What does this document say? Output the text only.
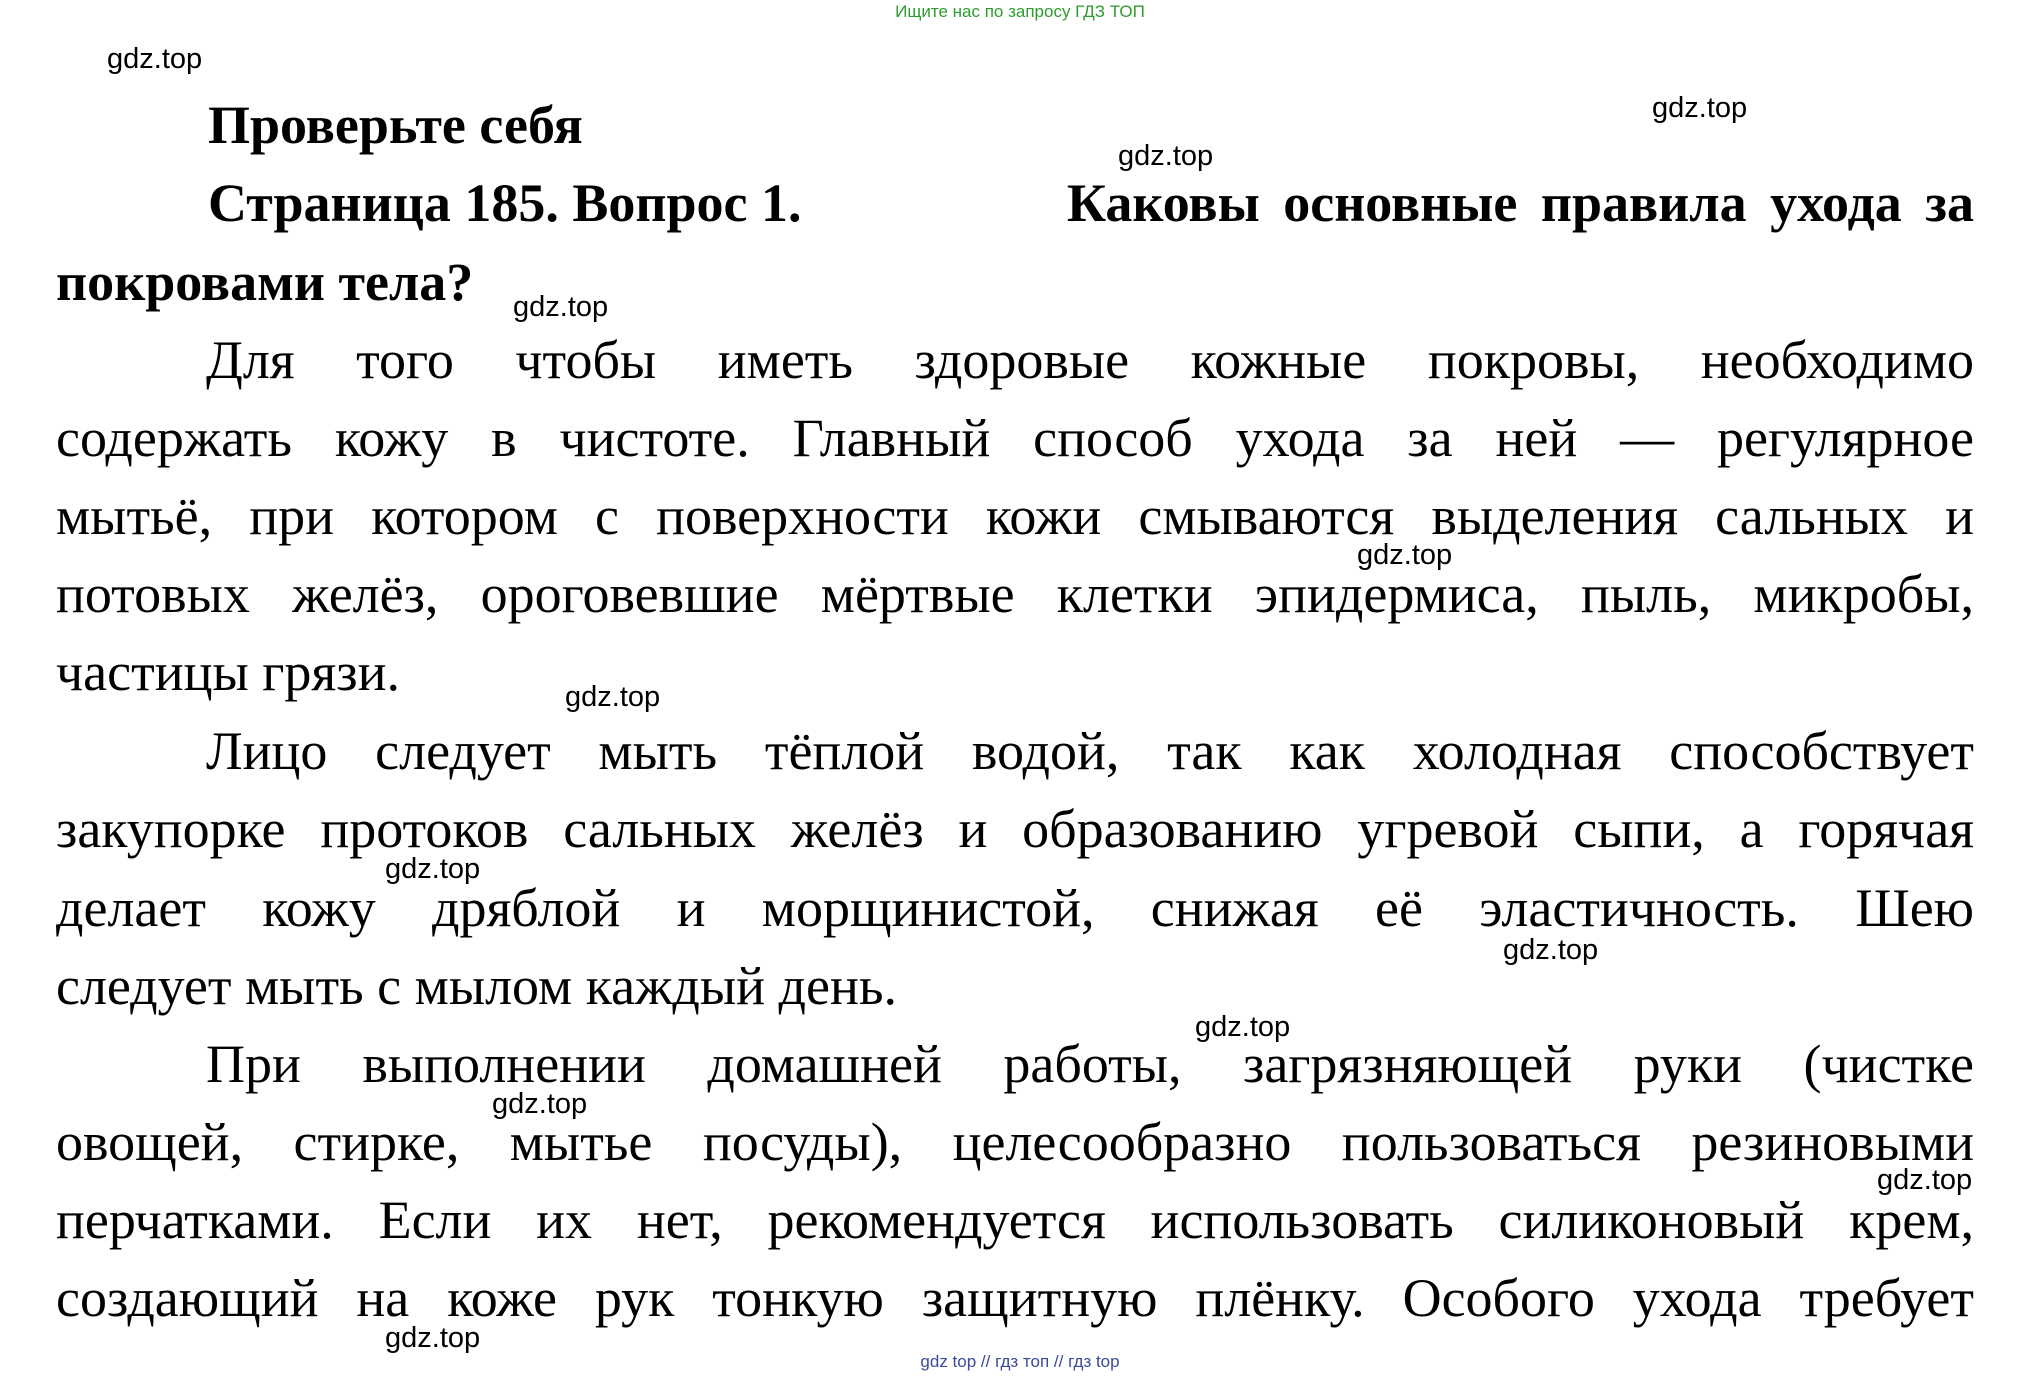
Ищите нас по запросу ГДЗ ТОП
gdz.top
gdz.top
gdz.top
gdz.top
gdz.top
gdz.top
gdz.top
gdz.top
gdz.top
gdz.top
gdz.top
gdz.top
Проверьте себя
Страница 185. Вопрос 1.	Каковы основные правила ухода за
покровами тела?
Для того чтобы иметь здоровые кожные покровы, необходимо
содержать кожу в чистоте. Главный способ ухода за ней — регулярное
мытьё, при котором с поверхности кожи смываются выделения сальных и
потовых желёз, ороговевшие мёртвые клетки эпидермиса, пыль, микробы,
частицы грязи.
Лицо следует мыть тёплой водой, так как холодная способствует
закупорке протоков сальных желёз и образованию угревой сыпи, а горячая
делает кожу дряблой и морщинистой, снижая её эластичность. Шею
следует мыть с мылом каждый день.
При выполнении домашней работы, загрязняющей руки (чистке
овощей, стирке, мытье посуды), целесообразно пользоваться резиновыми
перчатками. Если их нет, рекомендуется использовать силиконовый крем,
создающий на коже рук тонкую защитную плёнку. Особого ухода требует
gdz top // гдз топ // гдз top
